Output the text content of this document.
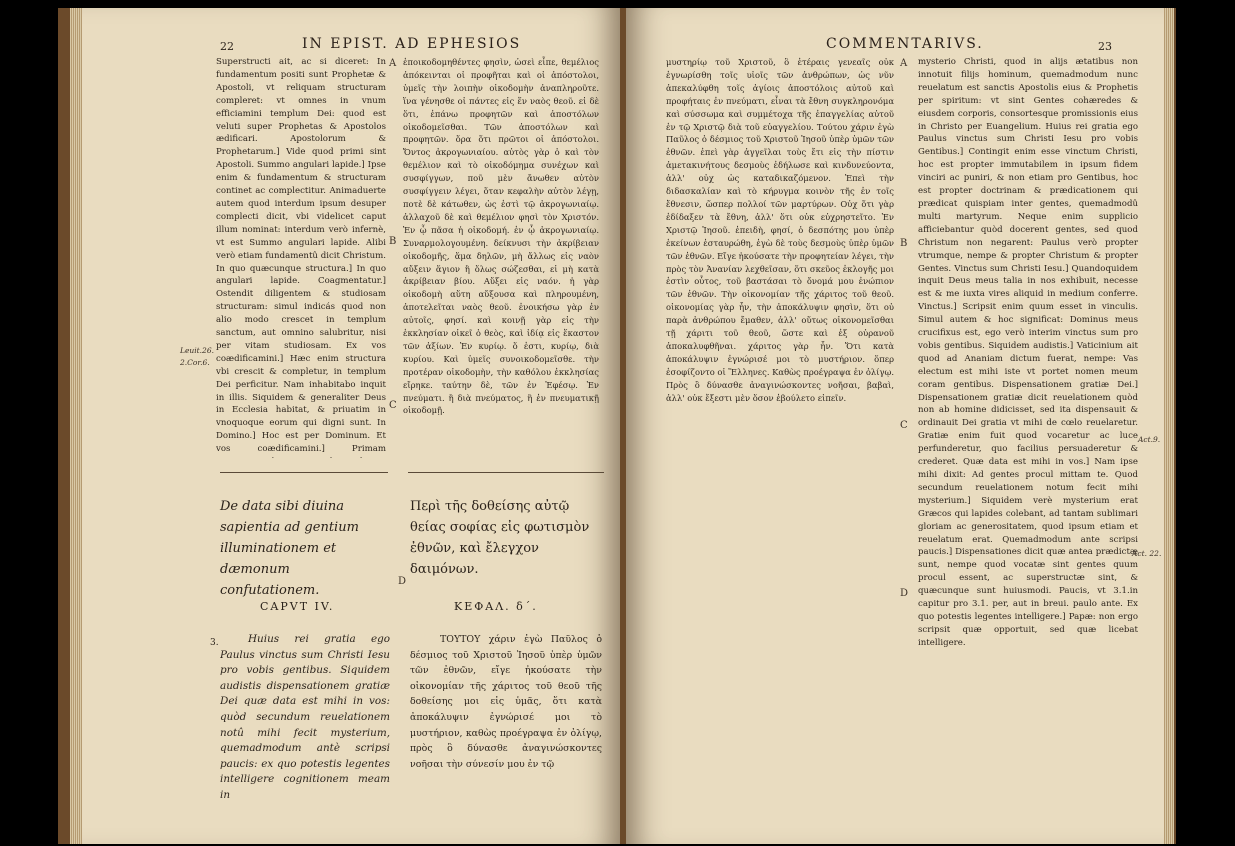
22	IN EPIST. AD EPHESIOS
Superstructi ait, ac si diceret: In fundamentum positi sunt Prophetæ & Apostoli, vt reliquam structuram compleret: vt omnes in vnum efficiamini templum Dei: quod est veluti super Prophetas & Apostolos ædificari. Apostolorum & Prophetarum.] Vide quod primi sint Apostoli. Summo angulari lapide.] Ipse enim & fundamentum & structuram continet ac complectitur. Animaduerte autem quod interdum ipsum desuper complecti dicit, vbi videlicet caput illum nominat: interdum verò infernè, vt est Summo angulari lapide. Alibi verò etiam fundamentû dicit Christum. In quo quæcunque structura.] In quo angulari lapide. Coagmentatur.] Ostendit diligentem & studiosam structuram: simul indicás quod non alio modo crescet in templum sanctum, aut omnino salubritur, nisi per vitam studiosam. Ex vos coædificamini.] Hæc enim structura vbi crescit & completur, in templum Dei perficitur. Nam inhabitabo inquit in illis. Siquidem & generaliter Deus in Ecclesia habitat, & priuatim in vnoquoque eorum qui digni sunt. In Domino.] Hoc est per Dominum. Et vos coædificamini.] Primam
ἐποικοδομηθέντες φησὶν, ὡσεὶ εἶπε, θεμέλιος ἀπόκεινται οἱ προφῆται καὶ οἱ ἀπόστολοι, ὑμεῖς τὴν λοιπὴν οἰκοδομὴν ἀναπληροῦτε. ἵνα γένησθε οἱ πάντες εἰς ἕν ναὸς θεοῦ. εἰ δὲ ὅτι, ἐπάνω προφητῶν καὶ ἀποστόλων οἰκοδομεῖσθαι. Τῶν ἀποστόλων καὶ προφητῶν. ὅρα ὅτι πρῶτοι οἱ ἀπόστολοι. Ὄντος ἀκρογωνιαίου. αὐτὸς γὰρ ὁ καὶ τὸν θεμέλιον καὶ τὸ οἰκοδόμημα συνέχων καὶ συσφίγγων, ποῦ μὲν ἄνωθεν αὐτὸν συσφίγγειν λέγει, ὅταν κεφαλὴν αὐτὸν λέγῃ, ποτὲ δὲ κάτωθεν, ὡς ἐστὶ τῷ ἀκρογωνιαίῳ. ἀλλαχοῦ δὲ καὶ θεμέλιον φησὶ τὸν Χριστόν. Ἐν ᾧ πᾶσα ἡ οἰκοδομή. ἐν ᾧ ἀκρογωνιαίῳ. Συναρμολογουμένη. δείκνυσι τὴν ἀκρίβειαν οἰκοδομῆς, ἅμα δηλῶν, μὴ ἄλλως εἰς ναὸν αὔξειν ἅγιον ἢ ὅλως σώζεσθαι, εἰ μὴ κατὰ ἀκρίβειαν βίου. Αὔξει εἰς ναόν. ἡ γὰρ οἰκοδομὴ αὕτη αὔξουσα καὶ πληρουμένη, ἀποτελεῖται ναὸς θεοῦ. ἐνοικήσω γὰρ ἐν αὐτοῖς, φησί. καὶ κοινῇ γὰρ εἰς τὴν ἐκκλησίαν οἰκεῖ ὁ θεὸς, καὶ ἰδίᾳ εἰς ἕκαστον τῶν ἀξίων. Ἐν κυρίῳ. ὅ ἐστι, κυρίῳ, διὰ κυρίου. Καὶ ὑμεῖς συνοικοδομεῖσθε. τὴν προτέραν οἰκοδομὴν, τὴν καθόλου ἐκκλησίας εἴρηκε. ταύτην δὲ, τῶν ἐν Ἐφέσῳ. Ἐν πνεύματι. ἢ διὰ πνεύματος, ἢ ἐν πνευματικῇ οἰκοδομῇ.
A
B
C
D
Leuit.26.
2.Cor.6.
De data sibi diuina sapientia ad gentium illuminationem et dæmonum confutationem.
Περὶ τῆς δοθείσης αὐτῷ θείας σοφίας εἰς φωτισμὸν ἐθνῶν, καὶ ἔλεγχον δαιμόνων.
CAPVT IV.	ΚΕΦΑΛ. δ΄.
3.	Huius rei gratia ego Paulus vinctus sum Christi Iesu pro vobis gentibus. Siquidem audistis dispensationem gratiæ Dei quæ data est mihi in vos: quòd secundum reuelationem notû mihi fecit mysterium, quemadmodum antè scripsi paucis: ex quo potestis legentes intelligere cognitionem meam in
ΤΟΥΤΟΥ χάριν ἐγὼ Παῦλος ὁ δέσμιος τοῦ Χριστοῦ Ἰησοῦ ὑπὲρ ὑμῶν τῶν ἐθνῶν, εἴγε ἠκούσατε τὴν οἰκονομίαν τῆς χάριτος τοῦ θεοῦ τῆς δοθείσης μοι εἰς ὑμᾶς, ὅτι κατὰ ἀποκάλυψιν ἐγνώρισέ μοι τὸ μυστήριον, καθὼς προέγραψα ἐν ὀλίγῳ, πρὸς ὃ δύνασθε ἀναγινώσκοντες νοῆσαι τὴν σύνεσίν μου ἐν τῷ
COMMENTARIVS.	23
μυστηρίῳ τοῦ Χριστοῦ, ὃ ἑτέραις γενεαῖς οὐκ ἐγνωρίσθη τοῖς υἱοῖς τῶν ἀνθρώπων, ὡς νῦν ἀπεκαλύφθη τοῖς ἁγίοις ἀποστόλοις αὐτοῦ καὶ προφήταις ἐν πνεύματι, εἶναι τὰ ἔθνη συγκληρονόμα καὶ σύσσωμα καὶ συμμέτοχα τῆς ἐπαγγελίας αὐτοῦ ἐν τῷ Χριστῷ διὰ τοῦ εὐαγγελίου. Τούτου χάριν ἐγὼ Παῦλος ὁ δέσμιος τοῦ Χριστοῦ Ἰησοῦ ὑπὲρ ὑμῶν τῶν ἐθνῶν. ἐπεὶ γὰρ ἀγγεῖλαι τοὺς ἔτι εἰς τὴν πίστιν ἀμετακινήτους δεσμοὺς ἐδήλωσε καὶ κινδυνεύοντα, ἀλλ' οὐχ ὡς καταδικαζόμενον. Ἐπεὶ τὴν διδασκαλίαν καὶ τὸ κήρυγμα κοινὸν τῆς ἐν τοῖς ἔθνεσιν, ὥσπερ πολλοί τῶν μαρτύρων. Οὐχ ὅτι γὰρ ἐδίδαξεν τὰ ἔθνη, ἀλλ' ὅτι οὐκ εὐχρηστεῖτο. Ἐν Χριστῷ Ἰησοῦ. ἐπειδὴ, φησί, ὁ δεσπότης μου ὑπὲρ ἐκείνων ἐσταυρώθη, ἐγὼ δὲ τοὺς δεσμοὺς ὑπὲρ ὑμῶν τῶν ἐθνῶν. Εἴγε ἠκούσατε τὴν προφητείαν λέγει, τὴν πρὸς τὸν Ἀνανίαν λεχθεῖσαν, ὅτι σκεῦος ἐκλογῆς μοι ἐστὶν οὗτος, τοῦ βαστάσαι τὸ ὄνομά μου ἐνώπιον τῶν ἐθνῶν. Τὴν οἰκονομίαν τῆς χάριτος τοῦ θεοῦ. οἰκονομίας γὰρ ἦν, τὴν ἀποκάλυψιν φησὶν, ὅτι οὐ παρὰ ἀνθρώπου ἔμαθεν, ἀλλ' οὕτως οἰκονομεῖσθαι τῇ χάριτι τοῦ θεοῦ, ὥστε καὶ ἐξ οὐρανοῦ ἀποκαλυφθῆναι. χάριτος γὰρ ἦν. Ὅτι κατὰ ἀποκάλυψιν ἐγνώρισέ μοι τὸ μυστήριον. ὅπερ ἐσοφίζοντο οἱ Ἕλληνες. Καθὼς προέγραψα ἐν ὀλίγῳ. Πρὸς ὃ δύνασθε ἀναγινώσκοντες νοῆσαι, βαβαὶ, ἀλλ' οὐκ ἔξεστι μὲν ὅσον ἐβούλετο εἰπεῖν.
mysterio Christi, quod in alijs ætatibus non innotuit filijs hominum, quemadmodum nunc reuelatum est sanctis Apostolis eius & Prophetis per spiritum: vt sint Gentes cohæredes & eiusdem corporis, consortesque promissionis eius in Christo per Euangelium. Huius rei gratia ego Paulus vinctus sum Christi Iesu pro vobis Gentibus.] Contingit enim esse vinctum Christi, hoc est propter immutabilem in ipsum fidem vinciri ac puniri, & non etiam pro Gentibus, hoc est propter doctrinam & prædicationem qui prædicat quispiam inter gentes, quemadmodû multi martyrum. Neque enim supplicio afficiebantur quòd docerent gentes, sed quod Christum non negarent: Paulus verò propter vtrumque, nempe & propter Christum & propter Gentes. Vinctus sum Christi Iesu.] Quandoquidem inquit Deus meus talia in nos exhibuit, necesse est & me iuxta vires aliquid in medium conferre. Vinctus.] Scripsit enim quum esset in vinculis. Simul autem & hoc significat: Dominus meus crucifixus est, ego verò interim vinctus sum pro vobis gentibus. Siquidem audistis.] Vaticinium ait quod ad Ananiam dictum fuerat, nempe: Vas electum est mihi iste vt portet nomen meum coram gentibus. Dispensationem gratiæ Dei.] Dispensationem gratiæ dicit reuelationem quòd non ab homine didicisset, sed ita dispensauit & ordinauit Dei gratia vt mihi de cœlo reuelaretur. Gratiæ enim fuit quod vocaretur ac luce perfunderetur, quo facilius persuaderetur & crederet. Quæ data est mihi in vos.] Nam ipse mihi dixit: Ad gentes procul mittam te. Quod secundum reuelationem notum fecit mihi mysterium.] Siquidem verè mysterium erat Græcos qui lapides colebant, ad tantam sublimari gloriam ac generositatem, quod ipsum etiam et reuelatum erat. Quemadmodum ante scripsi paucis.] Dispensationes dicit quæ antea prædictæ sunt, nempe quod vocatæ sint gentes quum procul essent, ac superstructæ sint, & quæcunque sunt huiusmodi. Paucis, vt 3.1.in capitur pro 3.1. per, aut in breui. paulo ante. Ex quo potestis legentes intelligere.] Papæ: non ergo scripsit quæ opportuit, sed quæ licebat intelligere.
A
B
C
D
Act.9.
Act. 22.
